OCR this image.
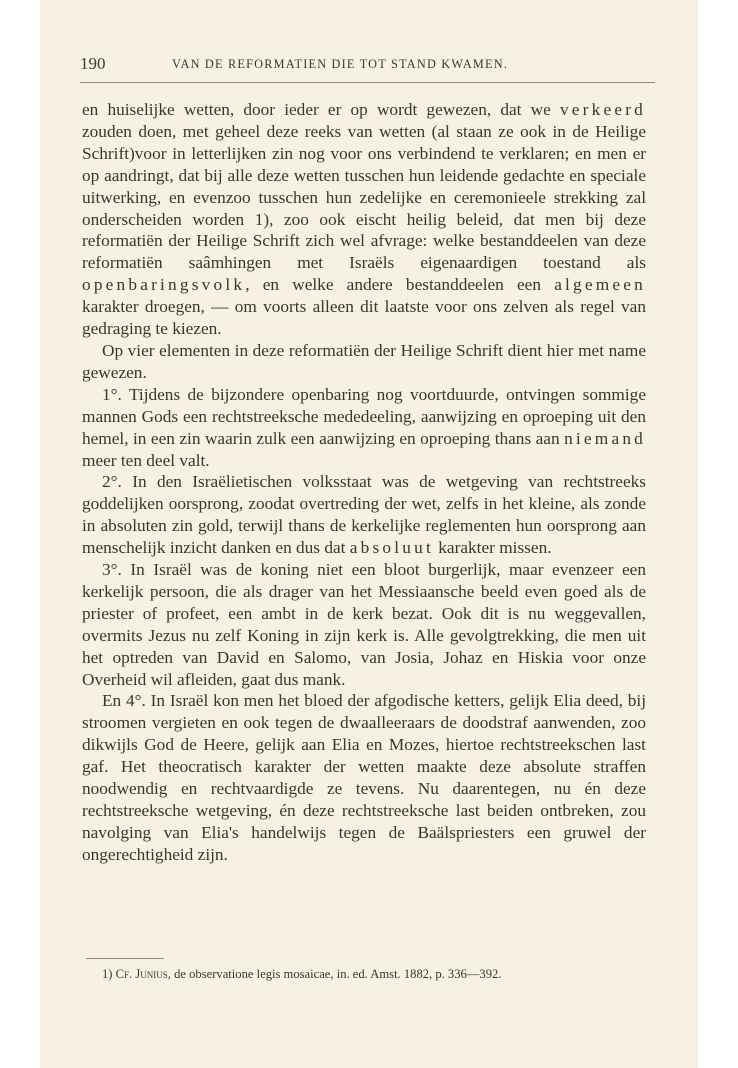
190	VAN DE REFORMATIEN DIE TOT STAND KWAMEN.

en huiselijke wetten, door ieder er op wordt gewezen, dat we verkeerd zouden doen, met geheel deze reeks van wetten (al staan ze ook in de Heilige Schrift)voor in letterlijken zin nog voor ons verbindend te verklaren; en men er op aandringt, dat bij alle deze wetten tusschen hun leidende gedachte en speciale uitwerking, en evenzoo tusschen hun zedelijke en ceremonieele strekking zal onderscheiden worden 1), zoo ook eischt heilig beleid, dat men bij deze reformatiën der Heilige Schrift zich wel afvrage: welke bestanddeelen van deze reformatiën saâmhingen met Israëls eigenaardigen toestand als openbaringsvolk, en welke andere bestanddeelen een algemeen karakter droegen, — om voorts alleen dit laatste voor ons zelven als regel van gedraging te kiezen.

Op vier elementen in deze reformatiën der Heilige Schrift dient hier met name gewezen.

1°. Tijdens de bijzondere openbaring nog voortduurde, ontvingen sommige mannen Gods een rechtstreeksche mededeeling, aanwijzing en oproeping uit den hemel, in een zin waarin zulk een aanwijzing en oproeping thans aan niemand meer ten deel valt.

2°. In den Israëlietischen volksstaat was de wetgeving van rechtstreeks goddelijken oorsprong, zoodat overtreding der wet, zelfs in het kleine, als zonde in absoluten zin gold, terwijl thans de kerkelijke reglementen hun oorsprong aan menschelijk inzicht danken en dus dat absoluut karakter missen.

3°. In Israël was de koning niet een bloot burgerlijk, maar evenzeer een kerkelijk persoon, die als drager van het Messiaansche beeld even goed als de priester of profeet, een ambt in de kerk bezat. Ook dit is nu weggevallen, overmits Jezus nu zelf Koning in zijn kerk is. Alle gevolgtrekking, die men uit het optreden van David en Salomo, van Josia, Johaz en Hiskia voor onze Overheid wil afleiden, gaat dus mank.

En 4°. In Israël kon men het bloed der afgodische ketters, gelijk Elia deed, bij stroomen vergieten en ook tegen de dwaalleeraars de doodstraf aanwenden, zoo dikwijls God de Heere, gelijk aan Elia en Mozes, hiertoe rechtstreekschen last gaf. Het theocratisch karakter der wetten maakte deze absolute straffen noodwendig en rechtvaardigde ze tevens. Nu daarentegen, nu én deze rechtstreeksche wetgeving, én deze rechtstreeksche last beiden ontbreken, zou navolging van Elia's handelwijs tegen de Baälspriesters een gruwel der ongerechtigheid zijn.

1) Cf. Junius, de observatione legis mosaicae, in. ed. Amst. 1882, p. 336—392.
